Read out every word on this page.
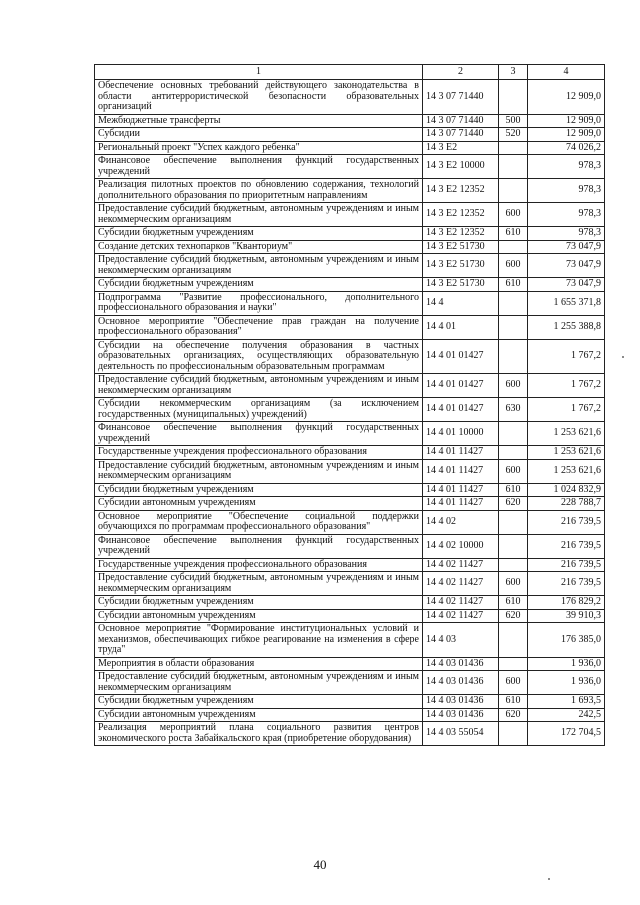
1	2	3	4
Обеспечение основных требований действующего законодательства в области антитеррористической безопасности образовательных организаций	14 3 07 71440		12 909,0
Межбюджетные трансферты	14 3 07 71440	500	12 909,0
Субсидии	14 3 07 71440	520	12 909,0
Региональный проект "Успех каждого ребенка"	14 3 E2		74 026,2
Финансовое обеспечение выполнения функций государственных учреждений	14 3 E2 10000		978,3
Реализация пилотных проектов по обновлению содержания, технологий дополнительного образования по приоритетным направлениям	14 3 E2 12352		978,3
Предоставление субсидий бюджетным, автономным учреждениям и иным некоммерческим организациям	14 3 E2 12352	600	978,3
Субсидии бюджетным учреждениям	14 3 E2 12352	610	978,3
Создание детских технопарков "Кванториум"	14 3 E2 51730		73 047,9
Предоставление субсидий бюджетным, автономным учреждениям и иным некоммерческим организациям	14 3 E2 51730	600	73 047,9
Субсидии бюджетным учреждениям	14 3 E2 51730	610	73 047,9
Подпрограмма "Развитие профессионального, дополнительного профессионального образования и науки"	14 4		1 655 371,8
Основное мероприятие "Обеспечение прав граждан на получение профессионального образования"	14 4 01		1 255 388,8
Субсидии на обеспечение получения образования в частных образовательных организациях, осуществляющих образовательную деятельность по профессиональным образовательным программам	14 4 01 01427		1 767,2
Предоставление субсидий бюджетным, автономным учреждениям и иным некоммерческим организациям	14 4 01 01427	600	1 767,2
Субсидии некоммерческим организациям (за исключением государственных (муниципальных) учреждений)	14 4 01 01427	630	1 767,2
Финансовое обеспечение выполнения функций государственных учреждений	14 4 01 10000		1 253 621,6
Государственные учреждения профессионального образования	14 4 01 11427		1 253 621,6
Предоставление субсидий бюджетным, автономным учреждениям и иным некоммерческим организациям	14 4 01 11427	600	1 253 621,6
Субсидии бюджетным учреждениям	14 4 01 11427	610	1 024 832,9
Субсидии автономным учреждениям	14 4 01 11427	620	228 788,7
Основное мероприятие "Обеспечение социальной поддержки обучающихся по программам профессионального образования"	14 4 02		216 739,5
Финансовое обеспечение выполнения функций государственных учреждений	14 4 02 10000		216 739,5
Государственные учреждения профессионального образования	14 4 02 11427		216 739,5
Предоставление субсидий бюджетным, автономным учреждениям и иным некоммерческим организациям	14 4 02 11427	600	216 739,5
Субсидии бюджетным учреждениям	14 4 02 11427	610	176 829,2
Субсидии автономным учреждениям	14 4 02 11427	620	39 910,3
Основное мероприятие "Формирование институциональных условий и механизмов, обеспечивающих гибкое реагирование на изменения в сфере труда"	14 4 03		176 385,0
Мероприятия в области образования	14 4 03 01436		1 936,0
Предоставление субсидий бюджетным, автономным учреждениям и иным некоммерческим организациям	14 4 03 01436	600	1 936,0
Субсидии бюджетным учреждениям	14 4 03 01436	610	1 693,5
Субсидии автономным учреждениям	14 4 03 01436	620	242,5
Реализация мероприятий плана социального развития центров экономического роста Забайкальского края (приобретение оборудования)	14 4 03 55054		172 704,5
40
